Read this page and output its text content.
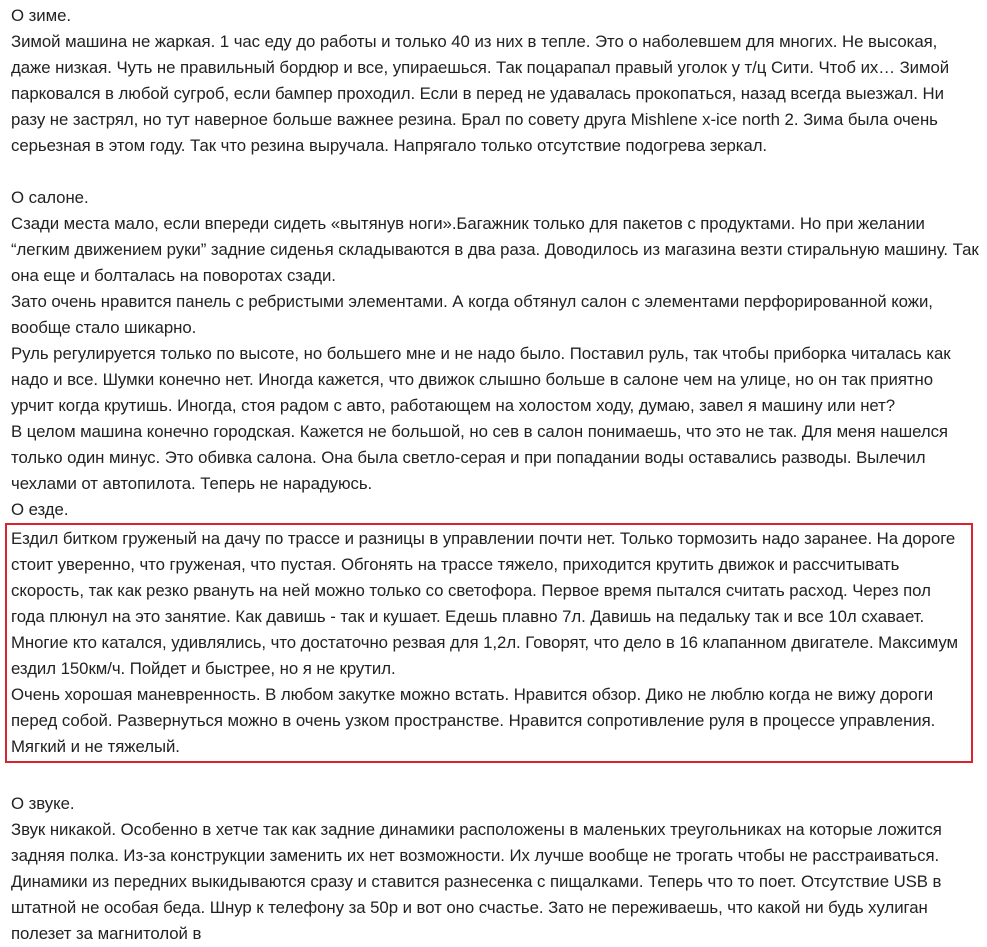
О зиме.

Зимой машина не жаркая. 1 час еду до работы и только 40 из них в тепле. Это о наболевшем для многих. Не высокая, даже низкая. Чуть не правильный бордюр и все, упираешься. Так поцарапал правый уголок у т/ц Сити. Чтоб их… Зимой парковался в любой сугроб, если бампер проходил. Если в перед не удавалась прокопаться, назад всегда выезжал. Ни разу не застрял, но тут наверное больше важнее резина. Брал по совету друга Mishlene x-ice north 2. Зима была очень серьезная в этом году. Так что резина выручала. Напрягало только отсутствие подогрева зеркал.

О салоне.

Сзади места мало, если впереди сидеть «вытянув ноги».Багажник только для пакетов с продуктами. Но при желании “легким движением руки” задние сиденья складываются в два раза. Доводилось из магазина везти стиральную машину. Так она еще и болталась на поворотах сзади.

Зато очень нравится панель с ребристыми элементами. А когда обтянул салон с элементами перфорированной кожи, вообще стало шикарно.

Руль регулируется только по высоте, но большего мне и не надо было. Поставил руль, так чтобы приборка читалась как надо и все. Шумки конечно нет. Иногда кажется, что движок слышно больше в салоне чем на улице, но он так приятно урчит когда крутишь. Иногда, стоя радом с авто, работающем на холостом ходу, думаю, завел я машину или нет?

В целом машина конечно городская. Кажется не большой, но сев в салон понимаешь, что это не так. Для меня нашелся только один минус. Это обивка салона. Она была светло-серая и при попадании воды оставались разводы. Вылечил чехлами от автопилота. Теперь не нарадуюсь.

О езде.

Ездил битком груженый на дачу по трассе и разницы в управлении почти нет. Только тормозить надо заранее. На дороге стоит уверенно, что груженая, что пустая. Обгонять на трассе тяжело, приходится крутить движок и рассчитывать скорость, так как резко рвануть на ней можно только со светофора. Первое время пытался считать расход. Через пол года плюнул на это занятие. Как давишь - так и кушает. Едешь плавно 7л. Давишь на педальку так и все 10л схавает. Многие кто катался, удивлялись, что достаточно резвая для 1,2л. Говорят, что дело в 16 клапанном двигателе. Максимум ездил 150км/ч. Пойдет и быстрее, но я не крутил.

Очень хорошая маневренность. В любом закутке можно встать. Нравится обзор. Дико не люблю когда не вижу дороги перед собой. Развернуться можно в очень узком пространстве. Нравится сопротивление руля в процессе управления. Мягкий и не тяжелый.

О звуке.

Звук никакой. Особенно в хетче так как задние динамики расположены в маленьких треугольниках на которые ложится задняя полка. Из-за конструкции заменить их нет возможности. Их лучше вообще не трогать чтобы не расстраиваться. Динамики из передних выкидываются сразу и ставится разнесенка с пищалками. Теперь что то поет. Отсутствие USB в штатной не особая беда. Шнур к телефону за 50р и вот оно счастье. Зато не переживаешь, что какой ни будь хулиган полезет за магнитолой в
